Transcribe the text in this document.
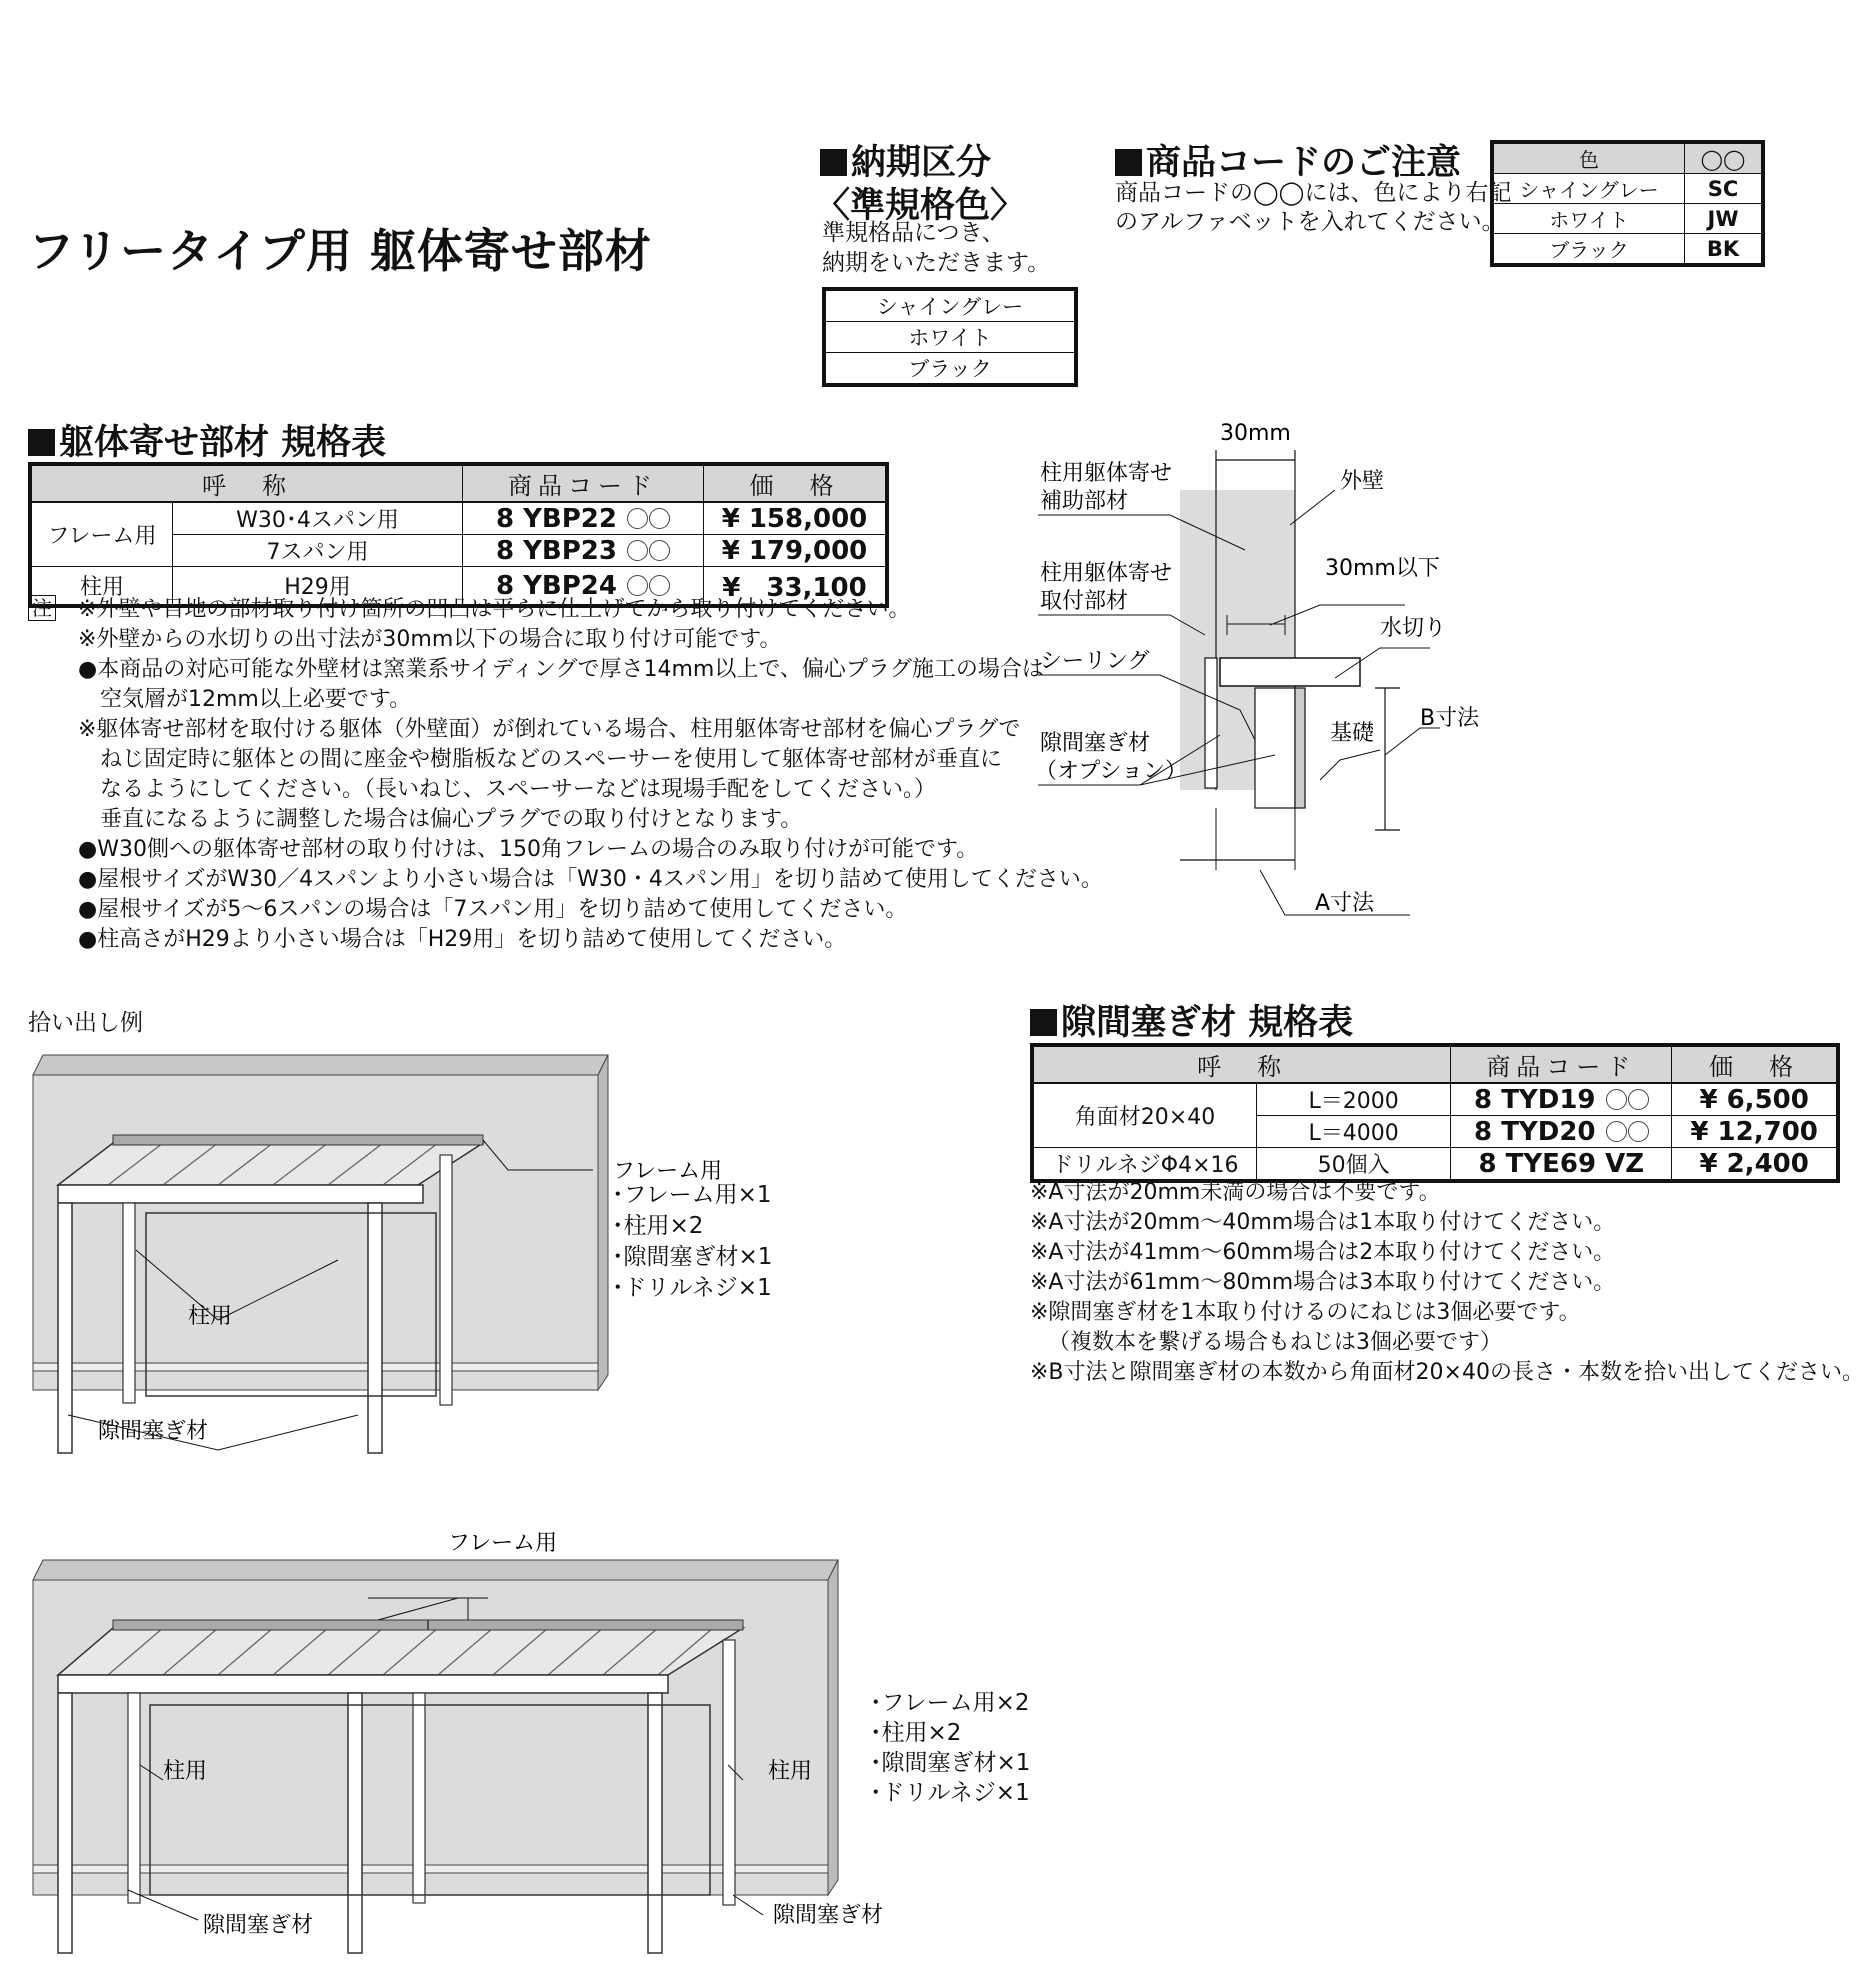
フリータイプ用 躯体寄せ部材
納期区分
〈準規格色〉
準規格品につき、
納期をいただきます。
シャイングレー
ホワイト
ブラック
商品コードのご注意
商品コードの◯◯には、色により右記
のアルファベットを入れてください。
色	◯◯
シャイングレー	SC
ホワイト	JW
ブラック	BK
躯体寄せ部材 規格表
呼　称		商品コード	価　格
フレーム用	W30･4スパン用	8 YBP22	¥ 158,000
	7スパン用	8 YBP23	¥ 179,000
柱用	H29用	8 YBP24	¥　33,100
注 ※外壁や目地の部材取り付け箇所の凹凸は平らに仕上げてから取り付けてください。
※外壁からの水切りの出寸法が30mm以下の場合に取り付け可能です。
●本商品の対応可能な外壁材は窯業系サイディングで厚さ14mm以上で、偏心プラグ施工の場合は
空気層が12mm以上必要です。
※躯体寄せ部材を取付ける躯体（外壁面）が倒れている場合、柱用躯体寄せ部材を偏心プラグで
ねじ固定時に躯体との間に座金や樹脂板などのスペーサーを使用して躯体寄せ部材が垂直に
なるようにしてください。（長いねじ、スペーサーなどは現場手配をしてください。）
垂直になるように調整した場合は偏心プラグでの取り付けとなります。
●W30側への躯体寄せ部材の取り付けは、150角フレームの場合のみ取り付けが可能です。
●屋根サイズがW30／4スパンより小さい場合は「W30・4スパン用」を切り詰めて使用してください。
●屋根サイズが5〜6スパンの場合は「7スパン用」を切り詰めて使用してください。
●柱高さがH29より小さい場合は「H29用」を切り詰めて使用してください。
30mm
外壁
柱用躯体寄せ
補助部材
柱用躯体寄せ
取付部材
30mm以下
水切り
シーリング
基礎
B寸法
隙間塞ぎ材
（オプション）
A寸法
隙間塞ぎ材 規格表
呼　称		商品コード	価　格
角面材20×40	L＝2000	8 TYD19	¥ 6,500
	L＝4000	8 TYD20	¥ 12,700
ドリルネジΦ4×16	50個入	8 TYE69 VZ	¥ 2,400
※A寸法が20mm未満の場合は不要です。
※A寸法が20mm〜40mm場合は1本取り付けてください。
※A寸法が41mm〜60mm場合は2本取り付けてください。
※A寸法が61mm〜80mm場合は3本取り付けてください。
※隙間塞ぎ材を1本取り付けるのにねじは3個必要です。
（複数本を繋げる場合もねじは3個必要です）
※B寸法と隙間塞ぎ材の本数から角面材20×40の長さ・本数を拾い出してください。
拾い出し例
柱用
隙間塞ぎ材
フレーム用
･フレーム用×1
･柱用×2
･隙間塞ぎ材×1
･ドリルネジ×1
フレーム用
柱用	柱用
隙間塞ぎ材	隙間塞ぎ材
･フレーム用×2
･柱用×2
･隙間塞ぎ材×1
･ドリルネジ×1
